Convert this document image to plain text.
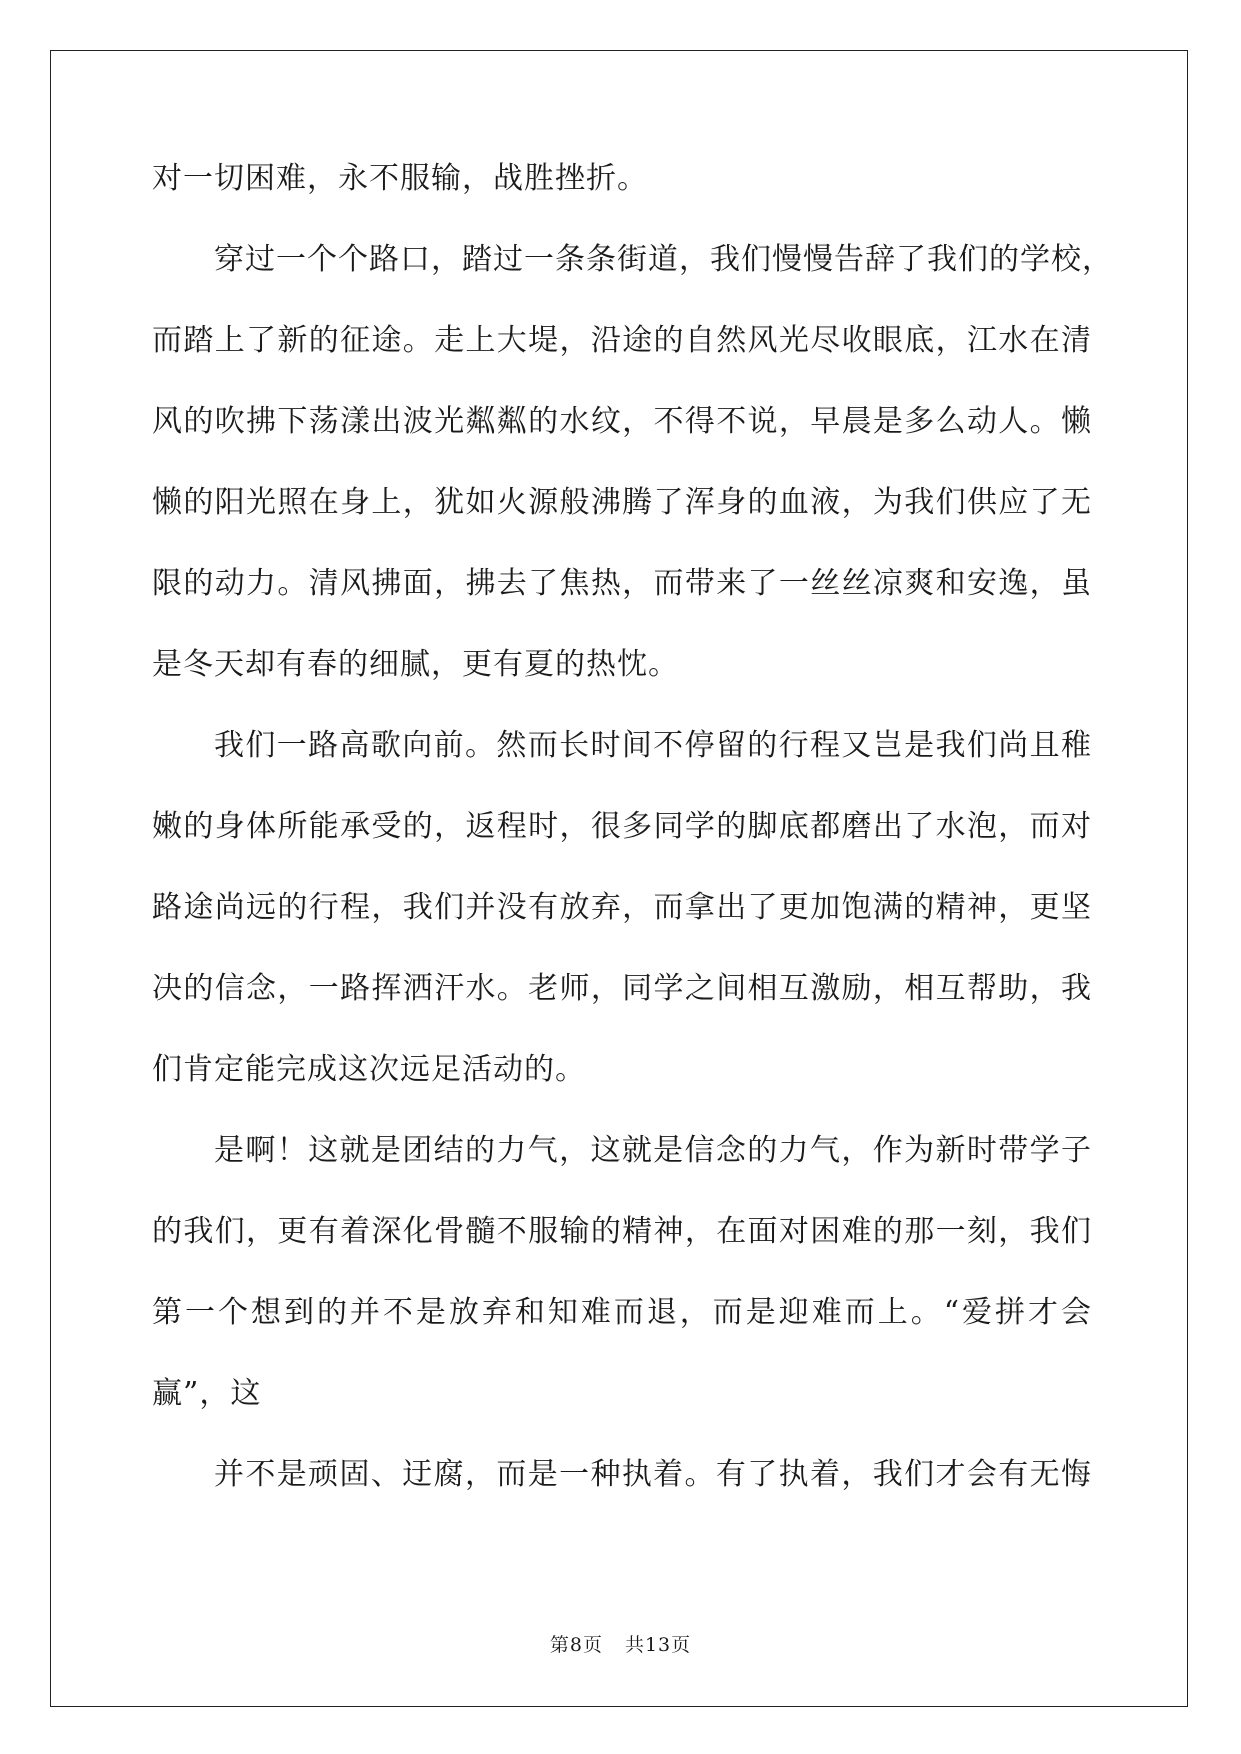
对一切困难，永不服输，战胜挫折。
穿过一个个路口，踏过一条条街道，我们慢慢告辞了我们的学校，
而踏上了新的征途。走上大堤，沿途的自然风光尽收眼底，江水在清
风的吹拂下荡漾出波光粼粼的水纹，不得不说，早晨是多么动人。懒
懒的阳光照在身上，犹如火源般沸腾了浑身的血液，为我们供应了无
限的动力。清风拂面，拂去了焦热，而带来了一丝丝凉爽和安逸，虽
是冬天却有春的细腻，更有夏的热忱。
我们一路高歌向前。然而长时间不停留的行程又岂是我们尚且稚
嫩的身体所能承受的，返程时，很多同学的脚底都磨出了水泡，而对
路途尚远的行程，我们并没有放弃，而拿出了更加饱满的精神，更坚
决的信念，一路挥洒汗水。老师，同学之间相互激励，相互帮助，我
们肯定能完成这次远足活动的。
是啊！这就是团结的力气，这就是信念的力气，作为新时带学子
的我们，更有着深化骨髓不服输的精神，在面对困难的那一刻，我们
第一个想到的并不是放弃和知难而退，而是迎难而上。“爱拼才会
赢”，这
并不是顽固、迂腐，而是一种执着。有了执着，我们才会有无悔
第8页 共13页
